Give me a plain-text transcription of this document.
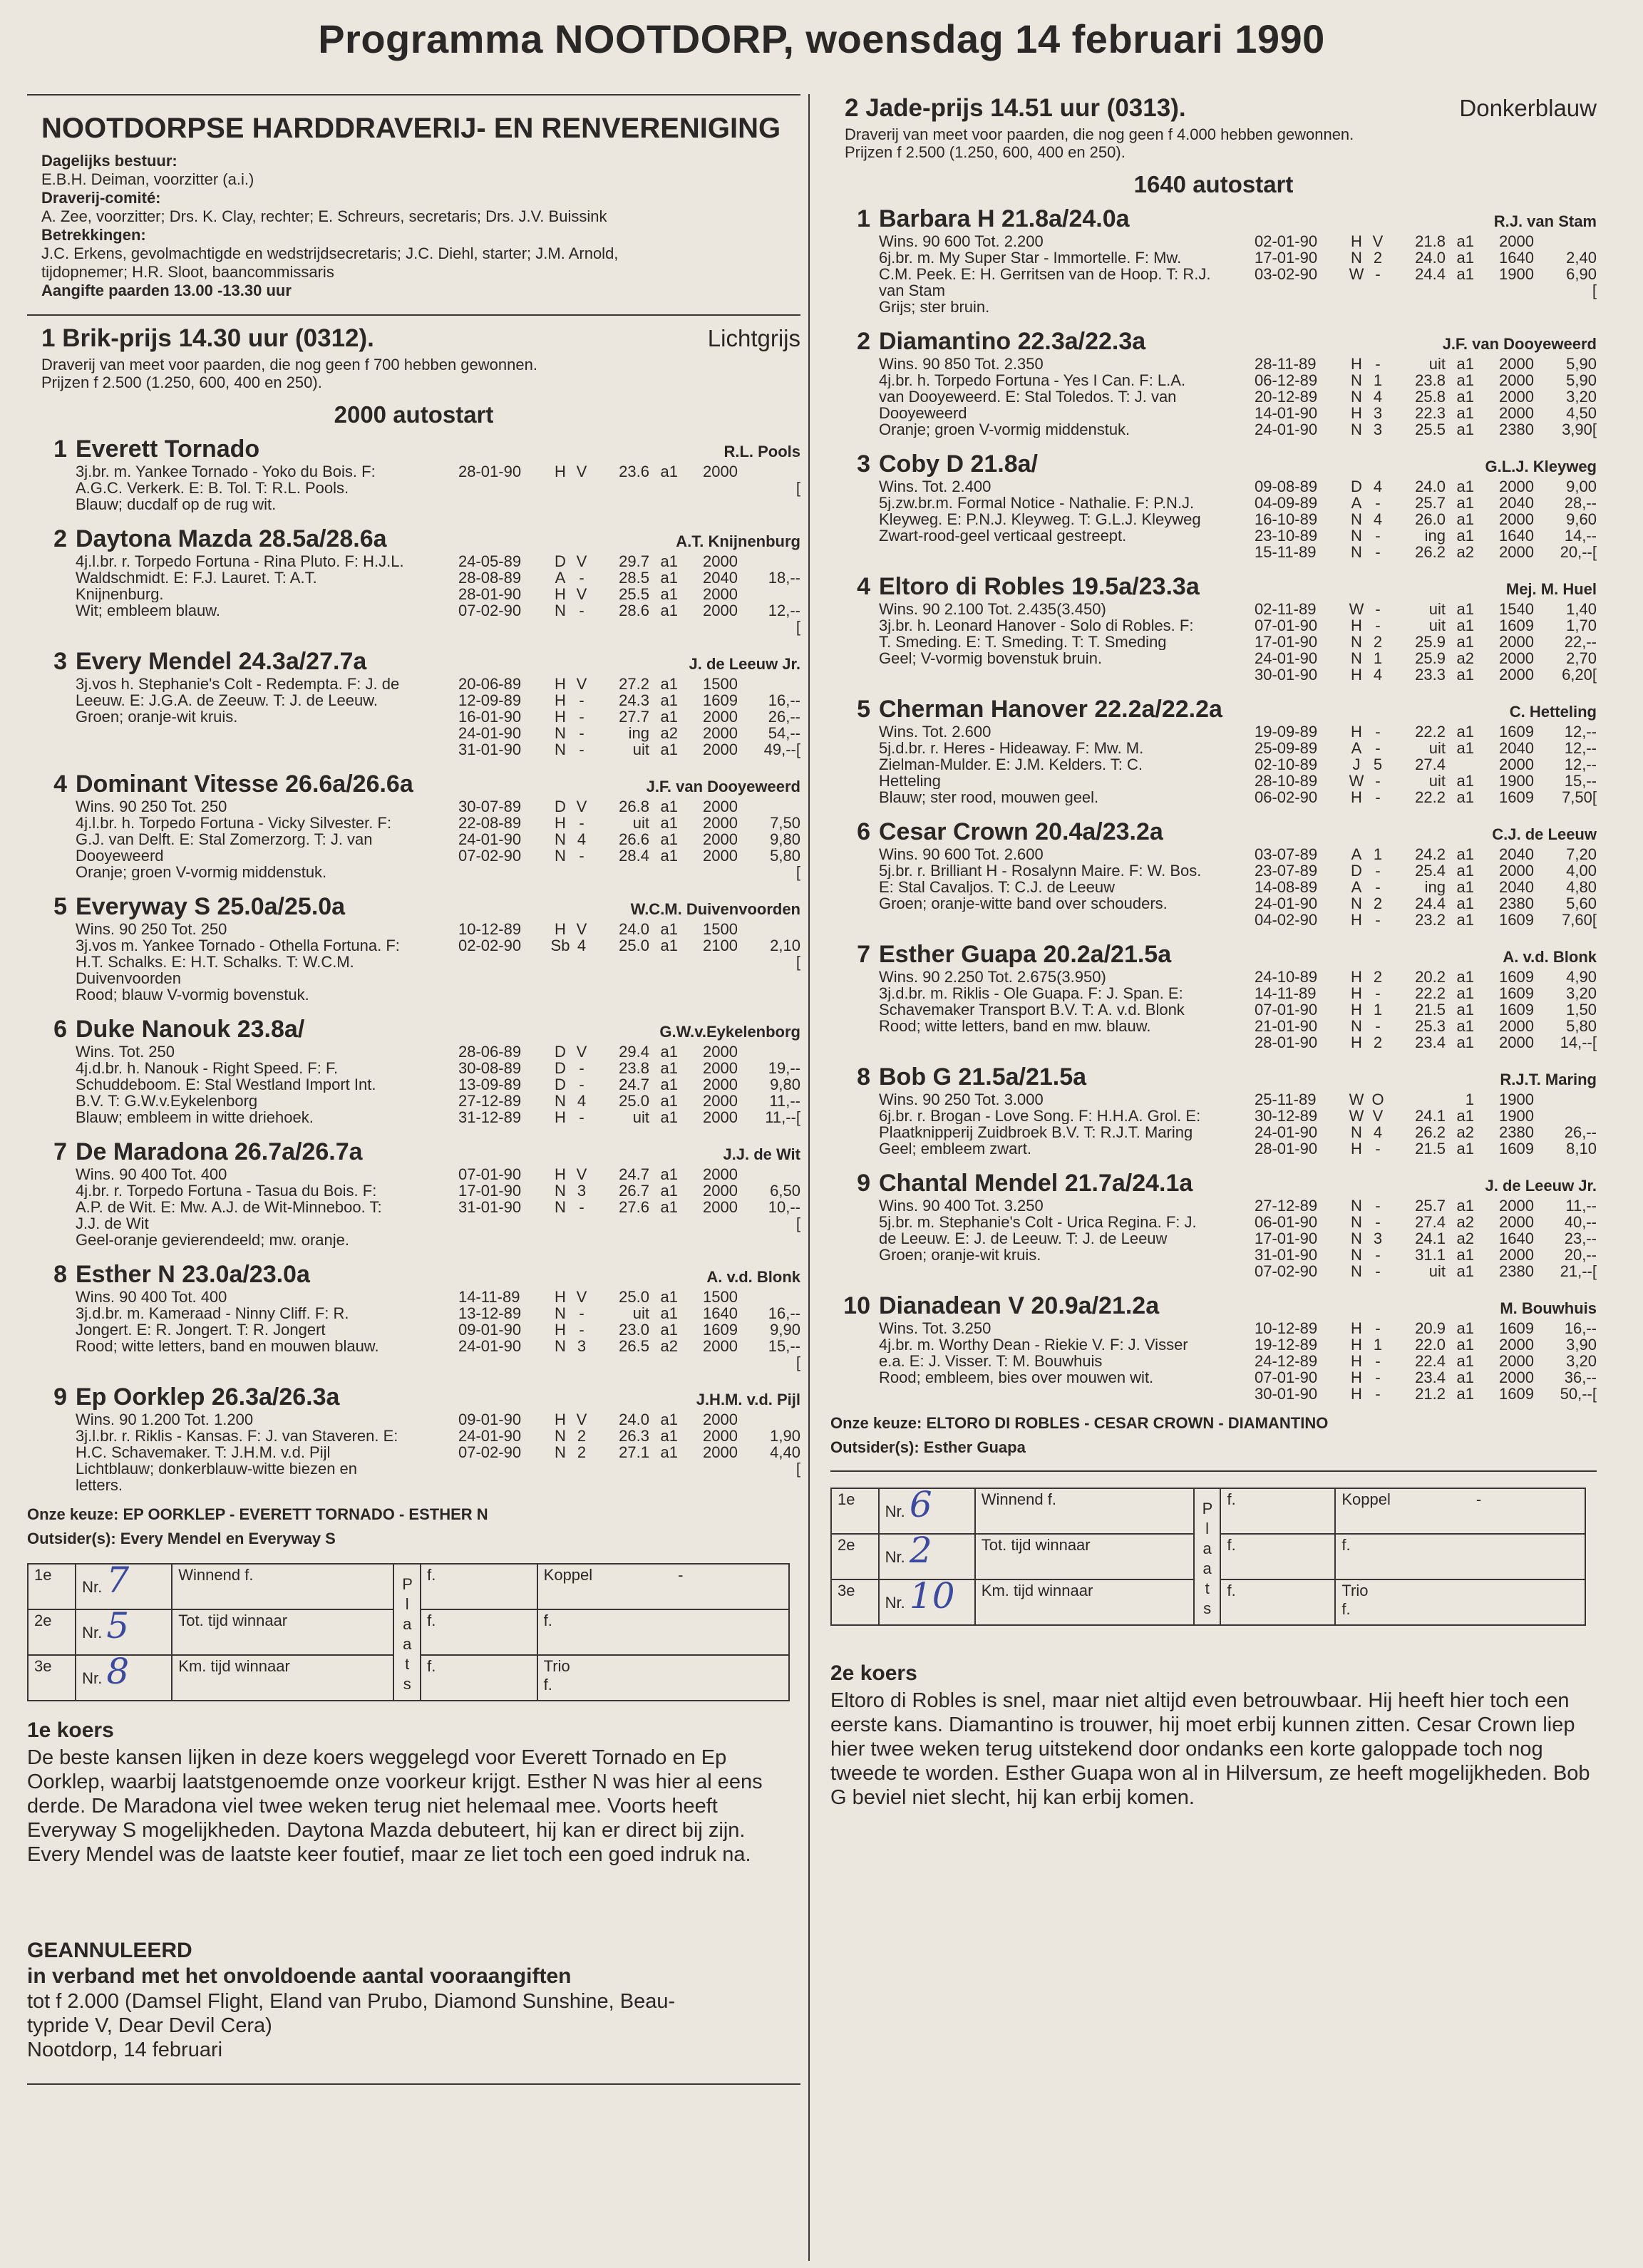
Programma NOOTDORP, woensdag 14 februari 1990
NOOTDORPSE HARDDRAVERIJ- EN RENVERENIGING

Dagelijks bestuur:

E.B.H. Deiman, voorzitter (a.i.)

Draverij-comité:

A. Zee, voorzitter; Drs. K. Clay, rechter; E. Schreurs, secretaris; Drs. J.V. Buissink

Betrekkingen:

J.C. Erkens, gevolmachtigde en wedstrijdsecretaris; J.C. Diehl, starter; J.M. Arnold,

tijdopnemer; H.R. Sloot, baancommissaris

Aangifte paarden 13.00 -13.30 uur

1 Brik-prijs 14.30 uur (0312).	Lichtgrijs

Draverij van meet voor paarden, die nog geen f 700 hebben gewonnen.

Prijzen f 2.500 (1.250, 600, 400 en 250).

2000 autostart
1 Everett Tornado	R.L. Pools
3j.br. m. Yankee Tornado - Yoko du Bois. F:
A.G.C. Verkerk. E: B. Tol. T: R.L. Pools.
Blauw; ducdalf op de rug wit.
28-01-90	H V	23.6 a1	2000
[
2 Daytona Mazda 28.5a/28.6a	A.T. Knijnenburg
4j.l.br. r. Torpedo Fortuna - Rina Pluto. F: H.J.L.
Waldschmidt. E: F.J. Lauret. T: A.T.
Knijnenburg.
Wit; embleem blauw.
24-05-89	D V	29.7 a1	2000
28-08-89	A -	28.5 a1	2040	18,--
28-01-90	H V	25.5 a1	2000
07-02-90	N -	28.6 a1	2000	12,--
[
3 Every Mendel 24.3a/27.7a	J. de Leeuw Jr.
3j.vos h. Stephanie's Colt - Redempta. F: J. de
Leeuw. E: J.G.A. de Zeeuw. T: J. de Leeuw.
Groen; oranje-wit kruis.
20-06-89	H V	27.2 a1	1500
12-09-89	H -	24.3 a1	1609	16,--
16-01-90	H -	27.7 a1	2000	26,--
24-01-90	N -	ing a2	2000	54,--
31-01-90	N -	uit a1	2000	49,--[
4 Dominant Vitesse 26.6a/26.6a	J.F. van Dooyeweerd
Wins. 90 250 Tot. 250
4j.l.br. h. Torpedo Fortuna - Vicky Silvester. F:
G.J. van Delft. E: Stal Zomerzorg. T: J. van
Dooyeweerd
Oranje; groen V-vormig middenstuk.
30-07-89	D V	26.8 a1	2000
22-08-89	H -	uit a1	2000	7,50
24-01-90	N 4	26.6 a1	2000	9,80
07-02-90	N -	28.4 a1	2000	5,80
[
5 Everyway S 25.0a/25.0a	W.C.M. Duivenvoorden
Wins. 90 250 Tot. 250
3j.vos m. Yankee Tornado - Othella Fortuna. F:
H.T. Schalks. E: H.T. Schalks. T: W.C.M.
Duivenvoorden
Rood; blauw V-vormig bovenstuk.
10-12-89	H V	24.0 a1	1500
02-02-90	Sb 4	25.0 a1	2100	2,10
[
6 Duke Nanouk 23.8a/	G.W.v.Eykelenborg
Wins. Tot. 250
4j.d.br. h. Nanouk - Right Speed. F: F.
Schuddeboom. E: Stal Westland Import Int.
B.V. T: G.W.v.Eykelenborg
Blauw; embleem in witte driehoek.
28-06-89	D V	29.4 a1	2000
30-08-89	D -	23.8 a1	2000	19,--
13-09-89	D -	24.7 a1	2000	9,80
27-12-89	N 4	25.0 a1	2000	11,--
31-12-89	H -	uit a1	2000	11,--[
7 De Maradona 26.7a/26.7a	J.J. de Wit
Wins. 90 400 Tot. 400
4j.br. r. Torpedo Fortuna - Tasua du Bois. F:
A.P. de Wit. E: Mw. A.J. de Wit-Minneboo. T:
J.J. de Wit
Geel-oranje gevierendeeld; mw. oranje.
07-01-90	H V	24.7 a1	2000
17-01-90	N 3	26.7 a1	2000	6,50
31-01-90	N -	27.6 a1	2000	10,--
[
8 Esther N 23.0a/23.0a	A. v.d. Blonk
Wins. 90 400 Tot. 400
3j.d.br. m. Kameraad - Ninny Cliff. F: R.
Jongert. E: R. Jongert. T: R. Jongert
Rood; witte letters, band en mouwen blauw.
14-11-89	H V	25.0 a1	1500
13-12-89	N -	uit a1	1640	16,--
09-01-90	H -	23.0 a1	1609	9,90
24-01-90	N 3	26.5 a2	2000	15,--
[
9 Ep Oorklep 26.3a/26.3a	J.H.M. v.d. Pijl
Wins. 90 1.200 Tot. 1.200
3j.l.br. r. Riklis - Kansas. F: J. van Staveren. E:
H.C. Schavemaker. T: J.H.M. v.d. Pijl
Lichtblauw; donkerblauw-witte biezen en
letters.
09-01-90	H V	24.0 a1	2000
24-01-90	N 2	26.3 a1	2000	1,90
07-02-90	N 2	27.1 a1	2000	4,40
[
Onze keuze: EP OORKLEP - EVERETT TORNADO - ESTHER N
Outsider(s): Every Mendel en Everyway S
1e	Nr. 7	Winnend f.	Plaats	f.	Koppel -
2e	Nr. 5	Tot. tijd winnaar		f.	f.
3e	Nr. 8	Km. tijd winnaar		f.	Trio
f.
1e koers

De beste kansen lijken in deze koers weggelegd voor Everett Tornado en Ep Oorklep, waarbij laatstgenoemde onze voorkeur krijgt. Esther N was hier al eens derde. De Maradona viel twee weken terug niet helemaal mee. Voorts heeft Everyway S mogelijkheden. Daytona Mazda debuteert, hij kan er direct bij zijn. Every Mendel was de laatste keer foutief, maar ze liet toch een goed indruk na.

GEANNULEERD
in verband met het onvoldoende aantal vooraangiften

tot f 2.000 (Damsel Flight, Eland van Prubo, Diamond Sunshine, Beau-

typride V, Dear Devil Cera)

Nootdorp, 14 februari

2 Jade-prijs 14.51 uur (0313).	Donkerblauw

Draverij van meet voor paarden, die nog geen f 4.000 hebben gewonnen.

Prijzen f 2.500 (1.250, 600, 400 en 250).

1640 autostart
1 Barbara H 21.8a/24.0a	R.J. van Stam
Wins. 90 600 Tot. 2.200
6j.br. m. My Super Star - Immortelle. F: Mw.
C.M. Peek. E: H. Gerritsen van de Hoop. T: R.J.
van Stam
Grijs; ster bruin.
02-01-90	H V	21.8 a1	2000
17-01-90	N 2	24.0 a1	1640	2,40
03-02-90	W -	24.4 a1	1900	6,90
[
2 Diamantino 22.3a/22.3a	J.F. van Dooyeweerd
Wins. 90 850 Tot. 2.350
4j.br. h. Torpedo Fortuna - Yes I Can. F: L.A.
van Dooyeweerd. E: Stal Toledos. T: J. van
Dooyeweerd
Oranje; groen V-vormig middenstuk.
28-11-89	H -	uit a1	2000	5,90
06-12-89	N 1	23.8 a1	2000	5,90
20-12-89	N 4	25.8 a1	2000	3,20
14-01-90	H 3	22.3 a1	2000	4,50
24-01-90	N 3	25.5 a1	2380	3,90[
3 Coby D 21.8a/	G.L.J. Kleyweg
Wins. Tot. 2.400
5j.zw.br.m. Formal Notice - Nathalie. F: P.N.J.
Kleyweg. E: P.N.J. Kleyweg. T: G.L.J. Kleyweg
Zwart-rood-geel verticaal gestreept.
09-08-89	D 4	24.0 a1	2000	9,00
04-09-89	A -	25.7 a1	2040	28,--
16-10-89	N 4	26.0 a1	2000	9,60
23-10-89	N -	ing a1	1640	14,--
15-11-89	N -	26.2 a2	2000	20,--[
4 Eltoro di Robles 19.5a/23.3a	Mej. M. Huel
Wins. 90 2.100 Tot. 2.435(3.450)
3j.br. h. Leonard Hanover - Solo di Robles. F:
T. Smeding. E: T. Smeding. T: T. Smeding
Geel; V-vormig bovenstuk bruin.
02-11-89	W -	uit a1	1540	1,40
07-01-90	H -	uit a1	1609	1,70
17-01-90	N 2	25.9 a1	2000	22,--
24-01-90	N 1	25.9 a2	2000	2,70
30-01-90	H 4	23.3 a1	2000	6,20[
5 Cherman Hanover 22.2a/22.2a	C. Hetteling
Wins. Tot. 2.600
5j.d.br. r. Heres - Hideaway. F: Mw. M.
Zielman-Mulder. E: J.M. Kelders. T: C.
Hetteling
Blauw; ster rood, mouwen geel.
19-09-89	H -	22.2 a1	1609	12,--
25-09-89	A -	uit a1	2040	12,--
02-10-89	J 5	27.4	2000	12,--
28-10-89	W -	uit a1	1900	15,--
06-02-90	H -	22.2 a1	1609	7,50[
6 Cesar Crown 20.4a/23.2a	C.J. de Leeuw
Wins. 90 600 Tot. 2.600
5j.br. r. Brilliant H - Rosalynn Maire. F: W. Bos.
E: Stal Cavaljos. T: C.J. de Leeuw
Groen; oranje-witte band over schouders.
03-07-89	A 1	24.2 a1	2040	7,20
23-07-89	D -	25.4 a1	2000	4,00
14-08-89	A -	ing a1	2040	4,80
24-01-90	N 2	24.4 a1	2380	5,60
04-02-90	H -	23.2 a1	1609	7,60[
7 Esther Guapa 20.2a/21.5a	A. v.d. Blonk
Wins. 90 2.250 Tot. 2.675(3.950)
3j.d.br. m. Riklis - Ole Guapa. F: J. Span. E:
Schavemaker Transport B.V. T: A. v.d. Blonk
Rood; witte letters, band en mw. blauw.
24-10-89	H 2	20.2 a1	1609	4,90
14-11-89	H -	22.2 a1	1609	3,20
07-01-90	H 1	21.5 a1	1609	1,50
21-01-90	N -	25.3 a1	2000	5,80
28-01-90	H 2	23.4 a1	2000	14,--[
8 Bob G 21.5a/21.5a	R.J.T. Maring
Wins. 90 250 Tot. 3.000
6j.br. r. Brogan - Love Song. F: H.H.A. Grol. E:
Plaatknipperij Zuidbroek B.V. T: R.J.T. Maring
Geel; embleem zwart.
25-11-89	W O	1	1900
30-12-89	W V	24.1 a1	1900
24-01-90	N 4	26.2 a2	2380	26,--
28-01-90	H -	21.5 a1	1609	8,10
9 Chantal Mendel 21.7a/24.1a	J. de Leeuw Jr.
Wins. 90 400 Tot. 3.250
5j.br. m. Stephanie's Colt - Urica Regina. F: J.
de Leeuw. E: J. de Leeuw. T: J. de Leeuw
Groen; oranje-wit kruis.
27-12-89	N -	25.7 a1	2000	11,--
06-01-90	N -	27.4 a2	2000	40,--
17-01-90	N 3	24.1 a2	1640	23,--
31-01-90	N -	31.1 a1	2000	20,--
07-02-90	N -	uit a1	2380	21,--[
10 Dianadean V 20.9a/21.2a	M. Bouwhuis
Wins. Tot. 3.250
4j.br. m. Worthy Dean - Riekie V. F: J. Visser
e.a. E: J. Visser. T: M. Bouwhuis
Rood; embleem, bies over mouwen wit.
10-12-89	H -	20.9 a1	1609	16,--
19-12-89	H 1	22.0 a1	2000	3,90
24-12-89	H -	22.4 a1	2000	3,20
07-01-90	H -	23.4 a1	2000	36,--
30-01-90	H -	21.2 a1	1609	50,--[
Onze keuze: ELTORO DI ROBLES - CESAR CROWN - DIAMANTINO
Outsider(s): Esther Guapa
1e	Nr. 6	Winnend f.	Plaats	f.	Koppel -
2e	Nr. 2	Tot. tijd winnaar		f.	f.
3e	Nr. 10	Km. tijd winnaar		f.	Trio
f.
2e koers

Eltoro di Robles is snel, maar niet altijd even betrouwbaar. Hij heeft hier toch een eerste kans. Diamantino is trouwer, hij moet erbij kunnen zitten. Cesar Crown liep hier twee weken terug uitstekend door ondanks een korte galoppade toch nog tweede te worden. Esther Guapa won al in Hilversum, ze heeft mogelijkheden. Bob G beviel niet slecht, hij kan erbij komen.
